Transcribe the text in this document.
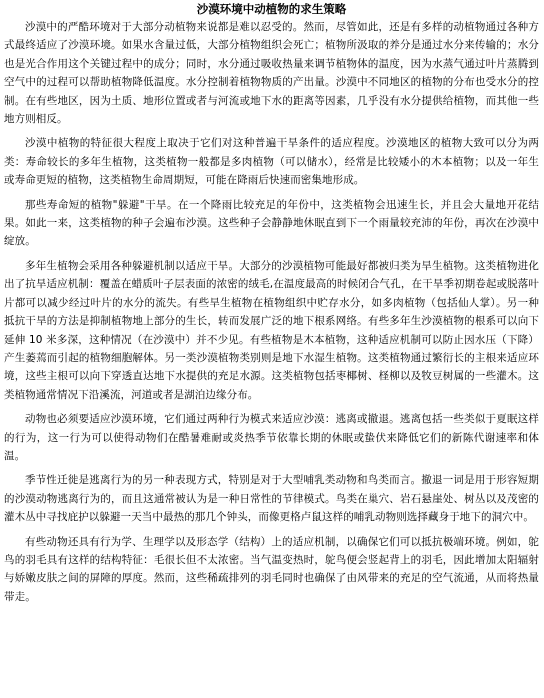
沙漠环境中动植物的求生策略

沙漠中的严酷环境对于大部分动植物来说都是难以忍受的。然而，尽管如此，还是有多样的动植物通过各种方式最终适应了沙漠环境。如果水含量过低，大部分植物组织会死亡；植物所汲取的养分是通过水分来传输的；水分也是光合作用这个关键过程中的成分；同时，水分通过吸收热量来调节植物体的温度，因为水蒸气通过叶片蒸腾到空气中的过程可以帮助植物降低温度。水分控制着植物物质的产出量。沙漠中不同地区的植物的分布也受水分的控制。在有些地区，因为土质、地形位置或者与河流或地下水的距离等因素，几乎没有水分提供给植物，而其他一些地方则相反。

沙漠中植物的特征很大程度上取决于它们对这种普遍干旱条件的适应程度。沙漠地区的植物大致可以分为两类：寿命较长的多年生植物，这类植物一般都是多肉植物（可以储水），经常是比较矮小的木本植物；以及一年生或寿命更短的植物，这类植物生命周期短，可能在降雨后快速而密集地形成。

那些寿命短的植物"躲避"干旱。在一个降雨比较充足的年份中，这类植物会迅速生长，并且会大量地开花结果。如此一来，这类植物的种子会遍布沙漠。这些种子会静静地休眠直到下一个雨量较充沛的年份，再次在沙漠中绽放。

多年生植物会采用各种躲避机制以适应干旱。大部分的沙漠植物可能最好都被归类为旱生植物。这类植物进化出了抗旱适应机制：覆盖在蜡质叶子层表面的浓密的绒毛,在温度最高的时候闭合气孔，在干旱季初期卷起或脱落叶片都可以减少经过叶片的水分的流失。有些旱生植物在植物组织中贮存水分，如多肉植物（包括仙人掌）。另一种抵抗干旱的方法是抑制植物地上部分的生长，转而发展广泛的地下根系网络。有些多年生沙漠植物的根系可以向下延伸 10 米多深，这种情况（在沙漠中）并不少见。有些植物是木本植物，这种适应机制可以防止因水压（下降）产生萎蔫而引起的植物细胞解体。另一类沙漠植物类别则是地下水湿生植物。这类植物通过繁衍长的主根来适应环境，这些主根可以向下穿透直达地下水提供的充足水源。这类植物包括枣椰树、柽柳以及牧豆树属的一些灌木。这类植物通常情况下沿溪流，河道或者是湖泊边缘分布。

动物也必须要适应沙漠环境，它们通过两种行为模式来适应沙漠：逃离或撤退。逃离包括一些类似于夏眠这样的行为，这一行为可以使得动物们在酷暑难耐或炎热季节依靠长期的休眠或蛰伏来降低它们的新陈代谢速率和体温。

季节性迁徙是逃离行为的另一种表现方式，特别是对于大型哺乳类动物和鸟类而言。撤退一词是用于形容短期的沙漠动物逃离行为的，而且这通常被认为是一种日常性的节律模式。鸟类在巢穴、岩石悬崖处、树丛以及茂密的灌木丛中寻找庇护以躲避一天当中最热的那几个钟头，而像更格卢鼠这样的哺乳动物则选择藏身于地下的洞穴中。

有些动物还具有行为学、生理学以及形态学（结构）上的适应机制，以确保它们可以抵抗极端环境。例如，鸵鸟的羽毛具有这样的结构特征：毛很长但不太浓密。当气温变热时，鸵鸟便会竖起背上的羽毛，因此增加太阳辐射与娇嫩皮肤之间的屏障的厚度。然而，这些稀疏排列的羽毛同时也确保了由风带来的充足的空气流通，从而将热量带走。
